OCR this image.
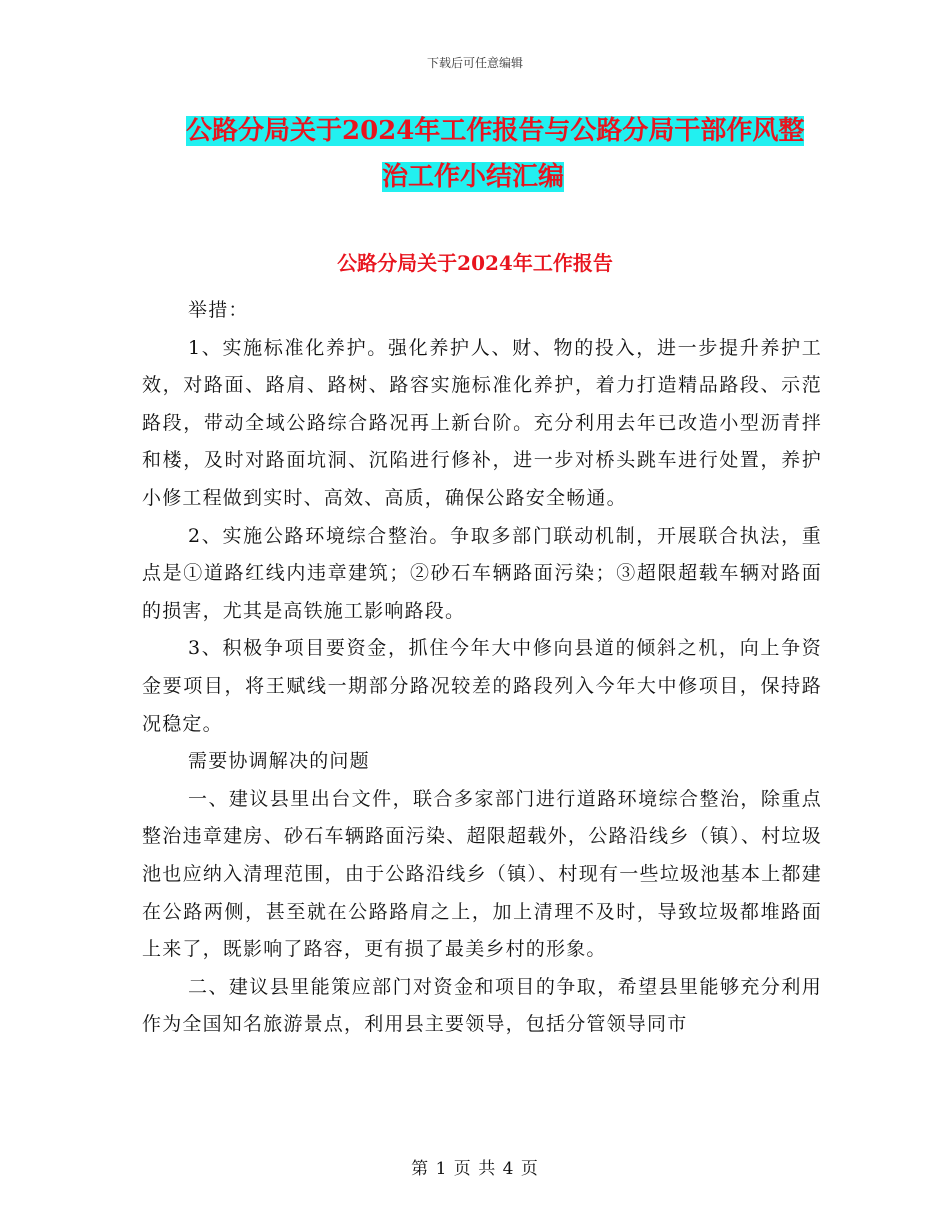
下载后可任意编辑
公路分局关于2024年工作报告与公路分局干部作风整
治工作小结汇编
公路分局关于2024年工作报告

举措：

1、实施标准化养护。强化养护人、财、物的投入，进一步提升养护工效，对路面、路肩、路树、路容实施标准化养护，着力打造精品路段、示范路段，带动全域公路综合路况再上新台阶。充分利用去年已改造小型沥青拌和楼，及时对路面坑洞、沉陷进行修补，进一步对桥头跳车进行处置，养护小修工程做到实时、高效、高质，确保公路安全畅通。

2、实施公路环境综合整治。争取多部门联动机制，开展联合执法，重点是①道路红线内违章建筑；②砂石车辆路面污染；③超限超载车辆对路面的损害，尤其是高铁施工影响路段。

3、积极争项目要资金，抓住今年大中修向县道的倾斜之机，向上争资金要项目，将王赋线一期部分路况较差的路段列入今年大中修项目，保持路况稳定。

需要协调解决的问题

一、建议县里出台文件，联合多家部门进行道路环境综合整治，除重点整治违章建房、砂石车辆路面污染、超限超载外，公路沿线乡（镇）、村垃圾池也应纳入清理范围，由于公路沿线乡（镇）、村现有一些垃圾池基本上都建在公路两侧，甚至就在公路路肩之上，加上清理不及时，导致垃圾都堆路面上来了，既影响了路容，更有损了最美乡村的形象。

二、建议县里能策应部门对资金和项目的争取，希望县里能够充分利用作为全国知名旅游景点，利用县主要领导，包括分管领导同市

第 1 页 共 4 页
